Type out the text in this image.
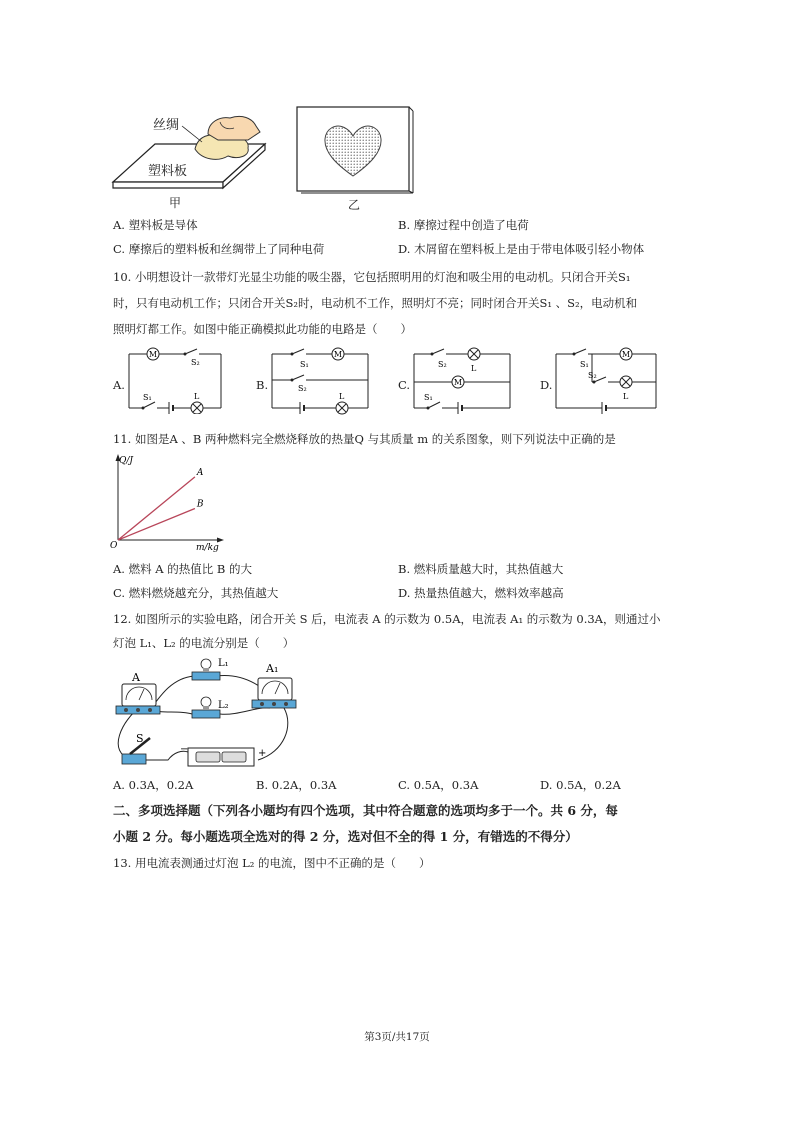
丝绸
塑料板
甲	乙
A. 塑料板是导体	B. 摩擦过程中创造了电荷
C. 摩擦后的塑料板和丝绸带上了同种电荷	D. 木屑留在塑料板上是由于带电体吸引轻小物体
10. 小明想设计一款带灯光显尘功能的吸尘器，它包括照明用的灯泡和吸尘用的电动机。只闭合开关S₁
时，只有电动机工作；只闭合开关S₂时，电动机不工作，照明灯不亮；同时闭合开关S₁ 、S₂，电动机和
照明灯都工作。如图中能正确模拟此功能的电路是（　　）
A.
M
S₂
S₁	L
B.
S₁
M
S₂
L
C.
S₂	L
M
S₁
D.
S₁
M
S₂
L
11. 如图是A 、B 两种燃料完全燃烧释放的热量Q 与其质量 m 的关系图象，则下列说法中正确的是
Q/J
m/kg
O
A
B
A. 燃料 A 的热值比 B 的大	B. 燃料质量越大时，其热值越大
C. 燃料燃烧越充分，其热值越大	D. 热量热值越大，燃料效率越高
12. 如图所示的实验电路，闭合开关 S 后，电流表 A 的示数为 0.5A，电流表 A₁ 的示数为 0.3A，则通过小
灯泡 L₁、L₂ 的电流分别是（　　）
A
L₁
L₂
A₁
S
−	+
A. 0.3A，0.2A	B. 0.2A，0.3A	C. 0.5A，0.3A	D. 0.5A，0.2A
二、多项选择题（下列各小题均有四个选项，其中符合题意的选项均多于一个。共 6 分，每
小题 2 分。每小题选项全选对的得 2 分，选对但不全的得 1 分，有错选的不得分）
13. 用电流表测通过灯泡 L₂ 的电流，图中不正确的是（　　）
第3页/共17页
